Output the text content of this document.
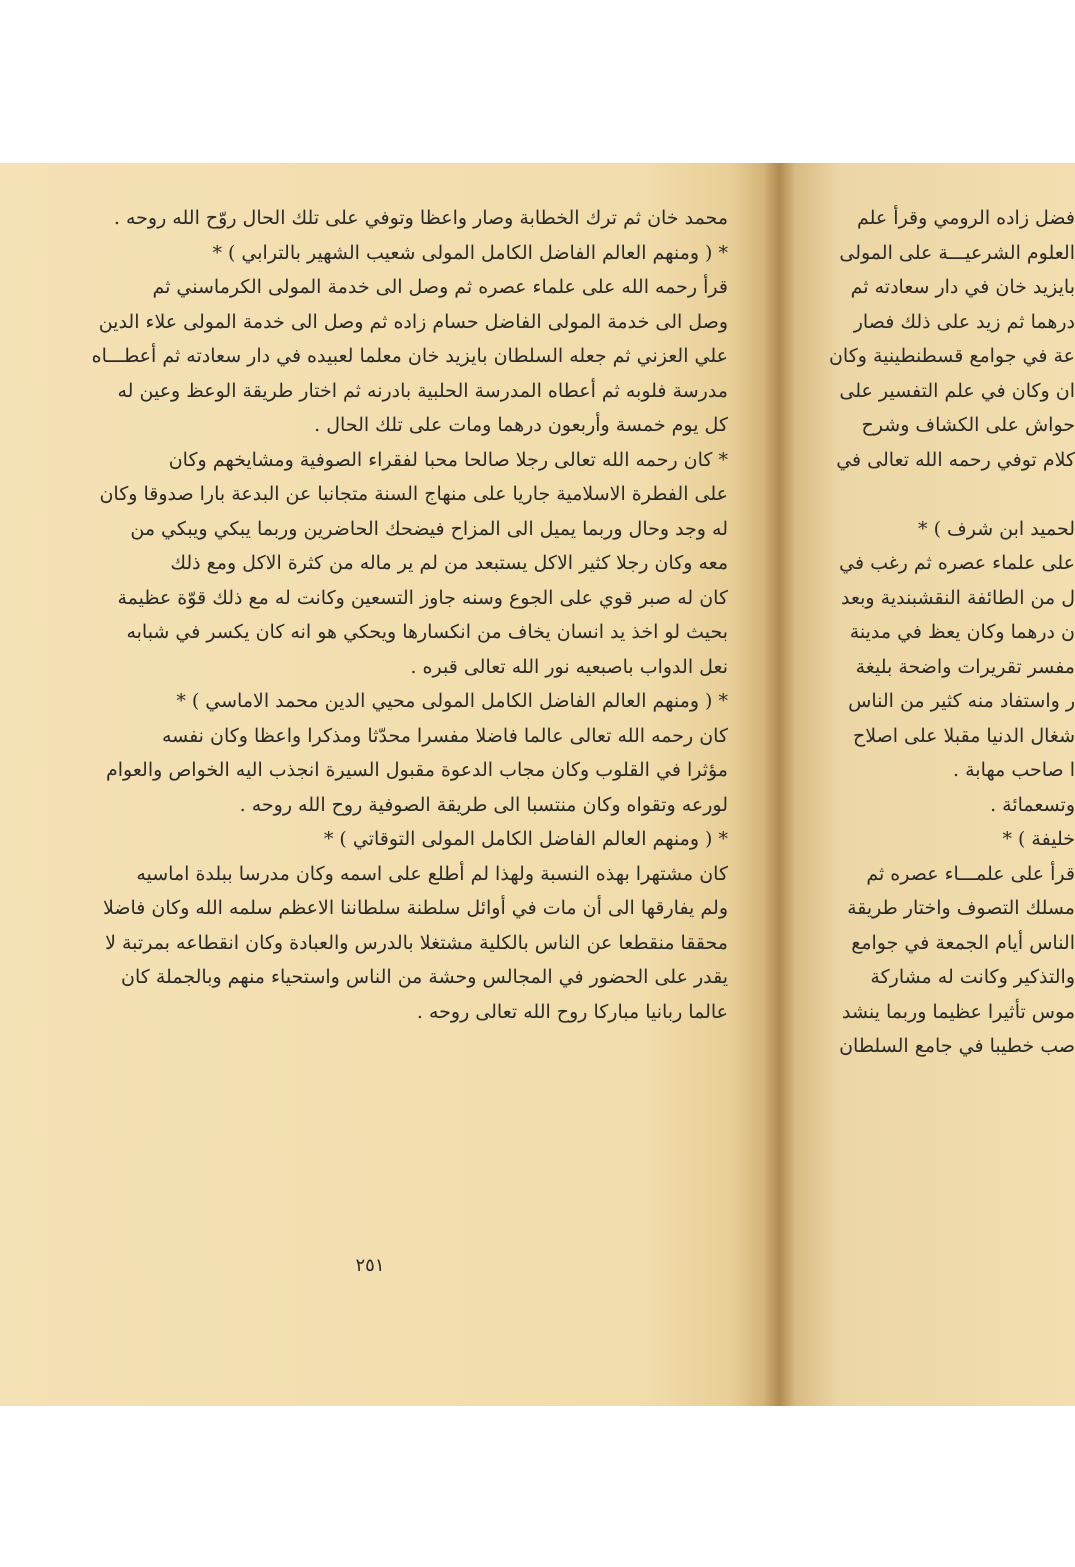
محمد خان ثم ترك الخطابة وصار واعظا وتوفي على تلك الحال روّح الله روحه .
* ( ومنهم العالم الفاضل الكامل المولى شعيب الشهير بالترابي ) *
قرأ رحمه الله على علماء عصره ثم وصل الى خدمة المولى الكرماسني ثم
وصل الى خدمة المولى الفاضل حسام زاده ثم وصل الى خدمة المولى علاء الدين
علي العزني ثم جعله السلطان بايزيد خان معلما لعبيده في دار سعادته ثم أعطـــاه
مدرسة فلوبه ثم أعطاه المدرسة الحلبية بادرنه ثم اختار طريقة الوعظ وعين له
كل يوم خمسة وأربعون درهما ومات على تلك الحال .
* كان رحمه الله تعالى رجلا صالحا محبا لفقراء الصوفية ومشايخهم وكان
على الفطرة الاسلامية جاريا على منهاج السنة متجانبا عن البدعة بارا صدوقا وكان
له وجد وحال وربما يميل الى المزاح فيضحك الحاضرين وربما يبكي ويبكي من
معه وكان رجلا كثير الاكل يستبعد من لم ير ماله من كثرة الاكل ومع ذلك
كان له صبر قوي على الجوع وسنه جاوز التسعين وكانت له مع ذلك قوّة عظيمة
بحيث لو اخذ يد انسان يخاف من انكسارها ويحكي هو انه كان يكسر في شبابه
نعل الدواب باصبعيه نور الله تعالى قبره .
* ( ومنهم العالم الفاضل الكامل المولى محيي الدين محمد الاماسي ) *
كان رحمه الله تعالى عالما فاضلا مفسرا محدّثا ومذكرا واعظا وكان نفسه
مؤثرا في القلوب وكان مجاب الدعوة مقبول السيرة انجذب اليه الخواص والعوام
لورعه وتقواه وكان منتسبا الى طريقة الصوفية روح الله روحه .
* ( ومنهم العالم الفاضل الكامل المولى التوقاتي ) *
كان مشتهرا بهذه النسبة ولهذا لم أطلع على اسمه وكان مدرسا ببلدة اماسيه
ولم يفارقها الى أن مات في أوائل سلطنة سلطاننا الاعظم سلمه الله وكان فاضلا
محققا منقطعا عن الناس بالكلية مشتغلا بالدرس والعبادة وكان انقطاعه بمرتبة لا
يقدر على الحضور في المجالس وحشة من الناس واستحياء منهم وبالجملة كان
عالما ربانيا مباركا روح الله تعالى روحه .
٢٥١
فضل زاده الرومي وقرأ علم
العلوم الشرعيـــة على المولى
بايزيد خان في دار سعادته ثم
درهما ثم زيد على ذلك فصار
عة في جوامع قسطنطينية وكان
ان وكان في علم التفسير على
حواش على الكشاف وشرح
كلام توفي رحمه الله تعالى في
لحميد ابن شرف ) *
على علماء عصره ثم رغب في
ل من الطائفة النقشبندية وبعد
ن درهما وكان يعظ في مدينة
مفسر تقريرات واضحة بليغة
ر واستفاد منه كثير من الناس
شغال الدنيا مقبلا على اصلاح
ا صاحب مهابة .
وتسعمائة .
خليفة ) *
قرأ على علمـــاء عصره ثم
مسلك التصوف واختار طريقة
الناس أيام الجمعة في جوامع
والتذكير وكانت له مشاركة
موس تأثيرا عظيما وربما ينشد
صب خطيبا في جامع السلطان
